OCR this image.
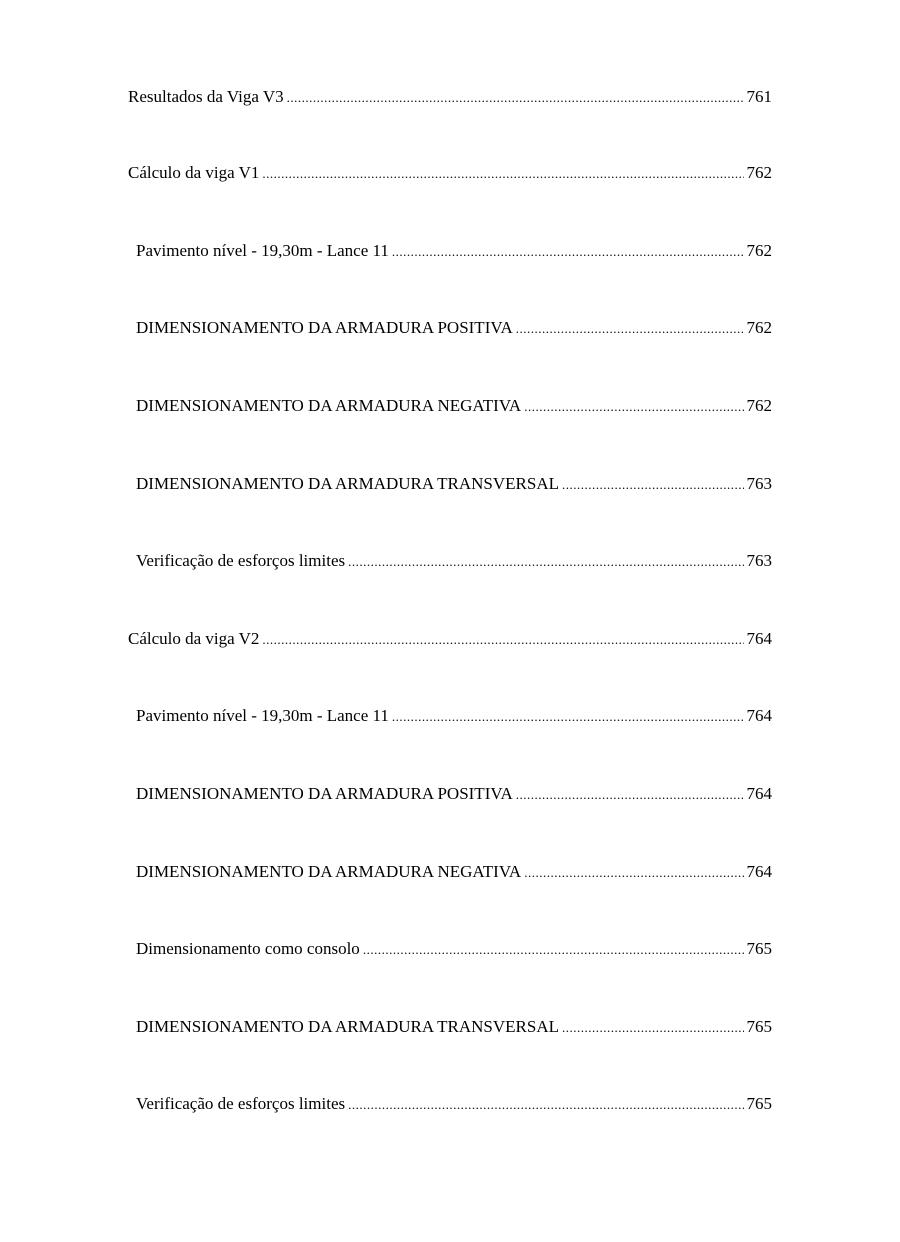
Resultados da Viga V3 .....	761
Cálculo da viga V1 .....	762
Pavimento nível - 19,30m - Lance 11 .....	762
DIMENSIONAMENTO DA ARMADURA POSITIVA .....	762
DIMENSIONAMENTO DA ARMADURA NEGATIVA .....	762
DIMENSIONAMENTO DA ARMADURA TRANSVERSAL .....	763
Verificação de esforços limites .....	763
Cálculo da viga V2 .....	764
Pavimento nível - 19,30m - Lance 11 .....	764
DIMENSIONAMENTO DA ARMADURA POSITIVA .....	764
DIMENSIONAMENTO DA ARMADURA NEGATIVA .....	764
Dimensionamento como consolo .....	765
DIMENSIONAMENTO DA ARMADURA TRANSVERSAL .....	765
Verificação de esforços limites .....	765
